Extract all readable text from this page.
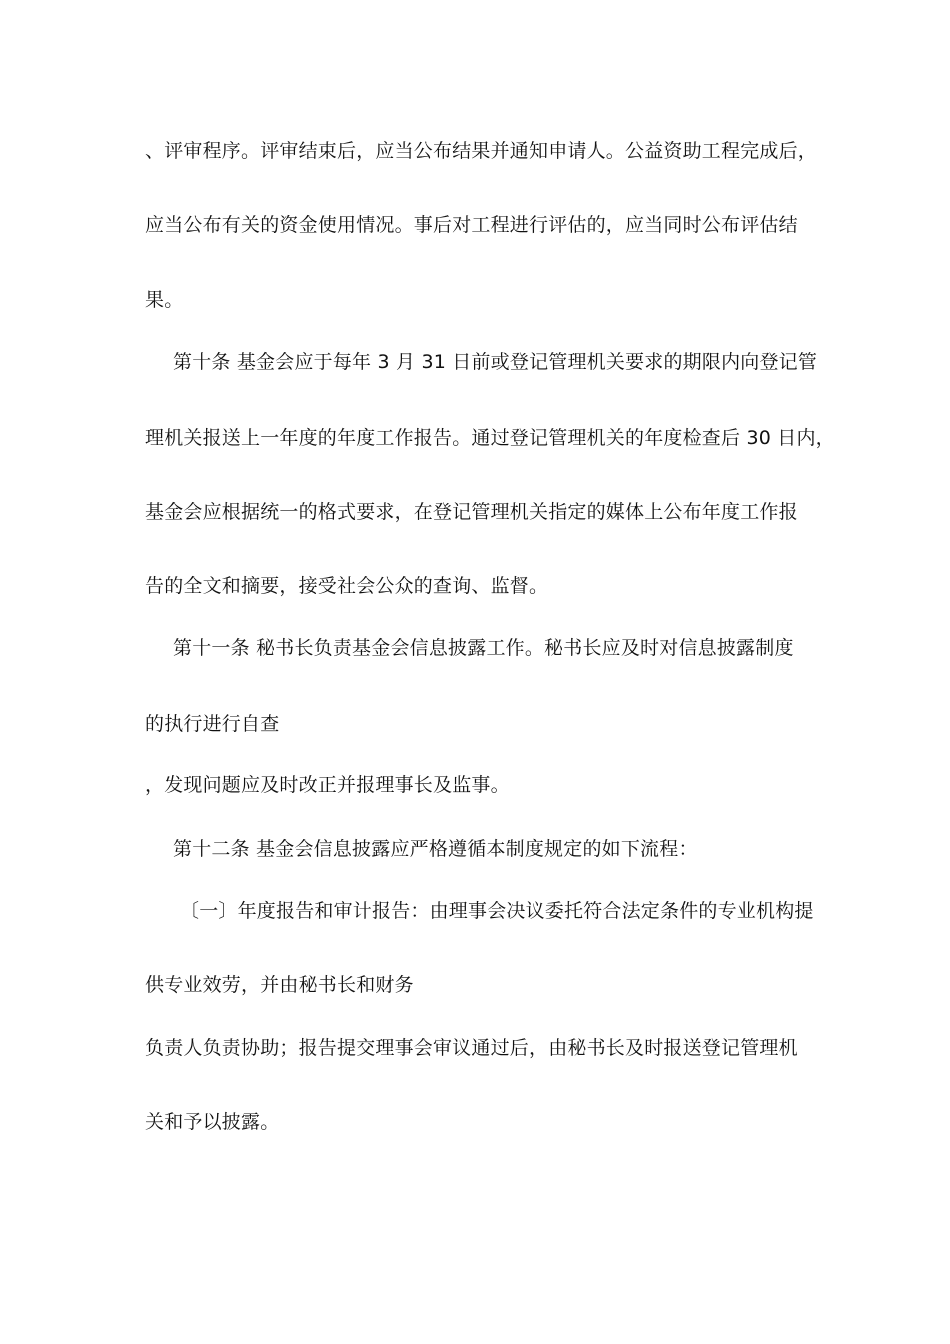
、评审程序。评审结束后，应当公布结果并通知申请人。公益资助工程完成后，
应当公布有关的资金使用情况。事后对工程进行评估的，应当同时公布评估结
果。
第十条 基金会应于每年 3 月 31 日前或登记管理机关要求的期限内向登记管
理机关报送上一年度的年度工作报告。通过登记管理机关的年度检查后 30 日内，
基金会应根据统一的格式要求，在登记管理机关指定的媒体上公布年度工作报
告的全文和摘要，接受社会公众的查询、监督。
第十一条 秘书长负责基金会信息披露工作。秘书长应及时对信息披露制度
的执行进行自查
，发现问题应及时改正并报理事长及监事。
第十二条 基金会信息披露应严格遵循本制度规定的如下流程：
〔一〕年度报告和审计报告：由理事会决议委托符合法定条件的专业机构提
供专业效劳，并由秘书长和财务
负责人负责协助；报告提交理事会审议通过后，由秘书长及时报送登记管理机
关和予以披露。
